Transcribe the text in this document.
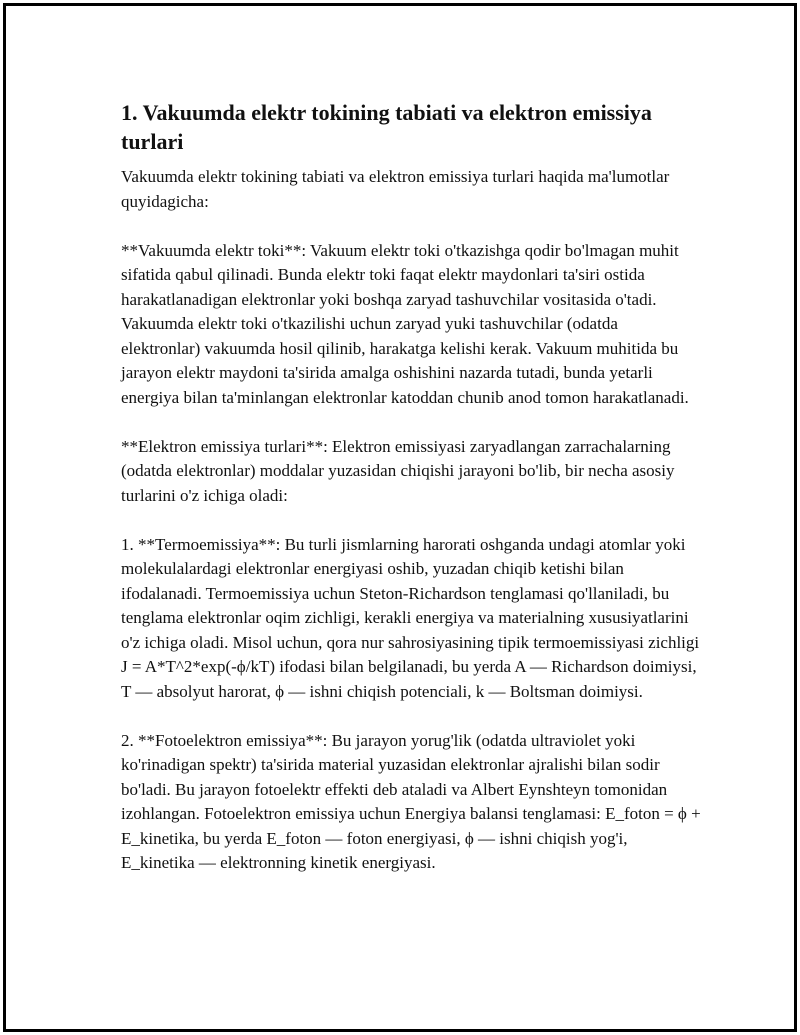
1. Vakuumda elektr tokining tabiati va elektron emissiya turlari

Vakuumda elektr tokining tabiati va elektron emissiya turlari haqida ma'lumotlar quyidagicha:

**Vakuumda elektr toki**: Vakuum elektr toki o'tkazishga qodir bo'lmagan muhit sifatida qabul qilinadi. Bunda elektr toki faqat elektr maydonlari ta'siri ostida harakatlanadigan elektronlar yoki boshqa zaryad tashuvchilar vositasida o'tadi. Vakuumda elektr toki o'tkazilishi uchun zaryad yuki tashuvchilar (odatda elektronlar) vakuumda hosil qilinib, harakatga kelishi kerak. Vakuum muhitida bu jarayon elektr maydoni ta'sirida amalga oshishini nazarda tutadi, bunda yetarli energiya bilan ta'minlangan elektronlar katoddan chunib anod tomon harakatlanadi.

**Elektron emissiya turlari**: Elektron emissiyasi zaryadlangan zarrachalarning (odatda elektronlar) moddalar yuzasidan chiqishi jarayoni bo'lib, bir necha asosiy turlarini o'z ichiga oladi:

1. **Termoemissiya**: Bu turli jismlarning harorati oshganda undagi atomlar yoki molekulalardagi elektronlar energiyasi oshib, yuzadan chiqib ketishi bilan ifodalanadi. Termoemissiya uchun Steton-Richardson tenglamasi qo'llaniladi, bu tenglama elektronlar oqim zichligi, kerakli energiya va materialning xususiyatlarini o'z ichiga oladi. Misol uchun, qora nur sahrosiyasining tipik termoemissiyasi zichligi J = A*T^2*exp(-ϕ/kT) ifodasi bilan belgilanadi, bu yerda A — Richardson doimiysi, T — absolyut harorat, ϕ — ishni chiqish potenciali, k — Boltsman doimiysi.

2. **Fotoelektron emissiya**: Bu jarayon yorug'lik (odatda ultraviolet yoki ko'rinadigan spektr) ta'sirida material yuzasidan elektronlar ajralishi bilan sodir bo'ladi. Bu jarayon fotoelektr effekti deb ataladi va Albert Eynshteyn tomonidan izohlangan. Fotoelektron emissiya uchun Energiya balansi tenglamasi: E_foton = ϕ + E_kinetika, bu yerda E_foton — foton energiyasi, ϕ — ishni chiqish yog'i, E_kinetika — elektronning kinetik energiyasi.
